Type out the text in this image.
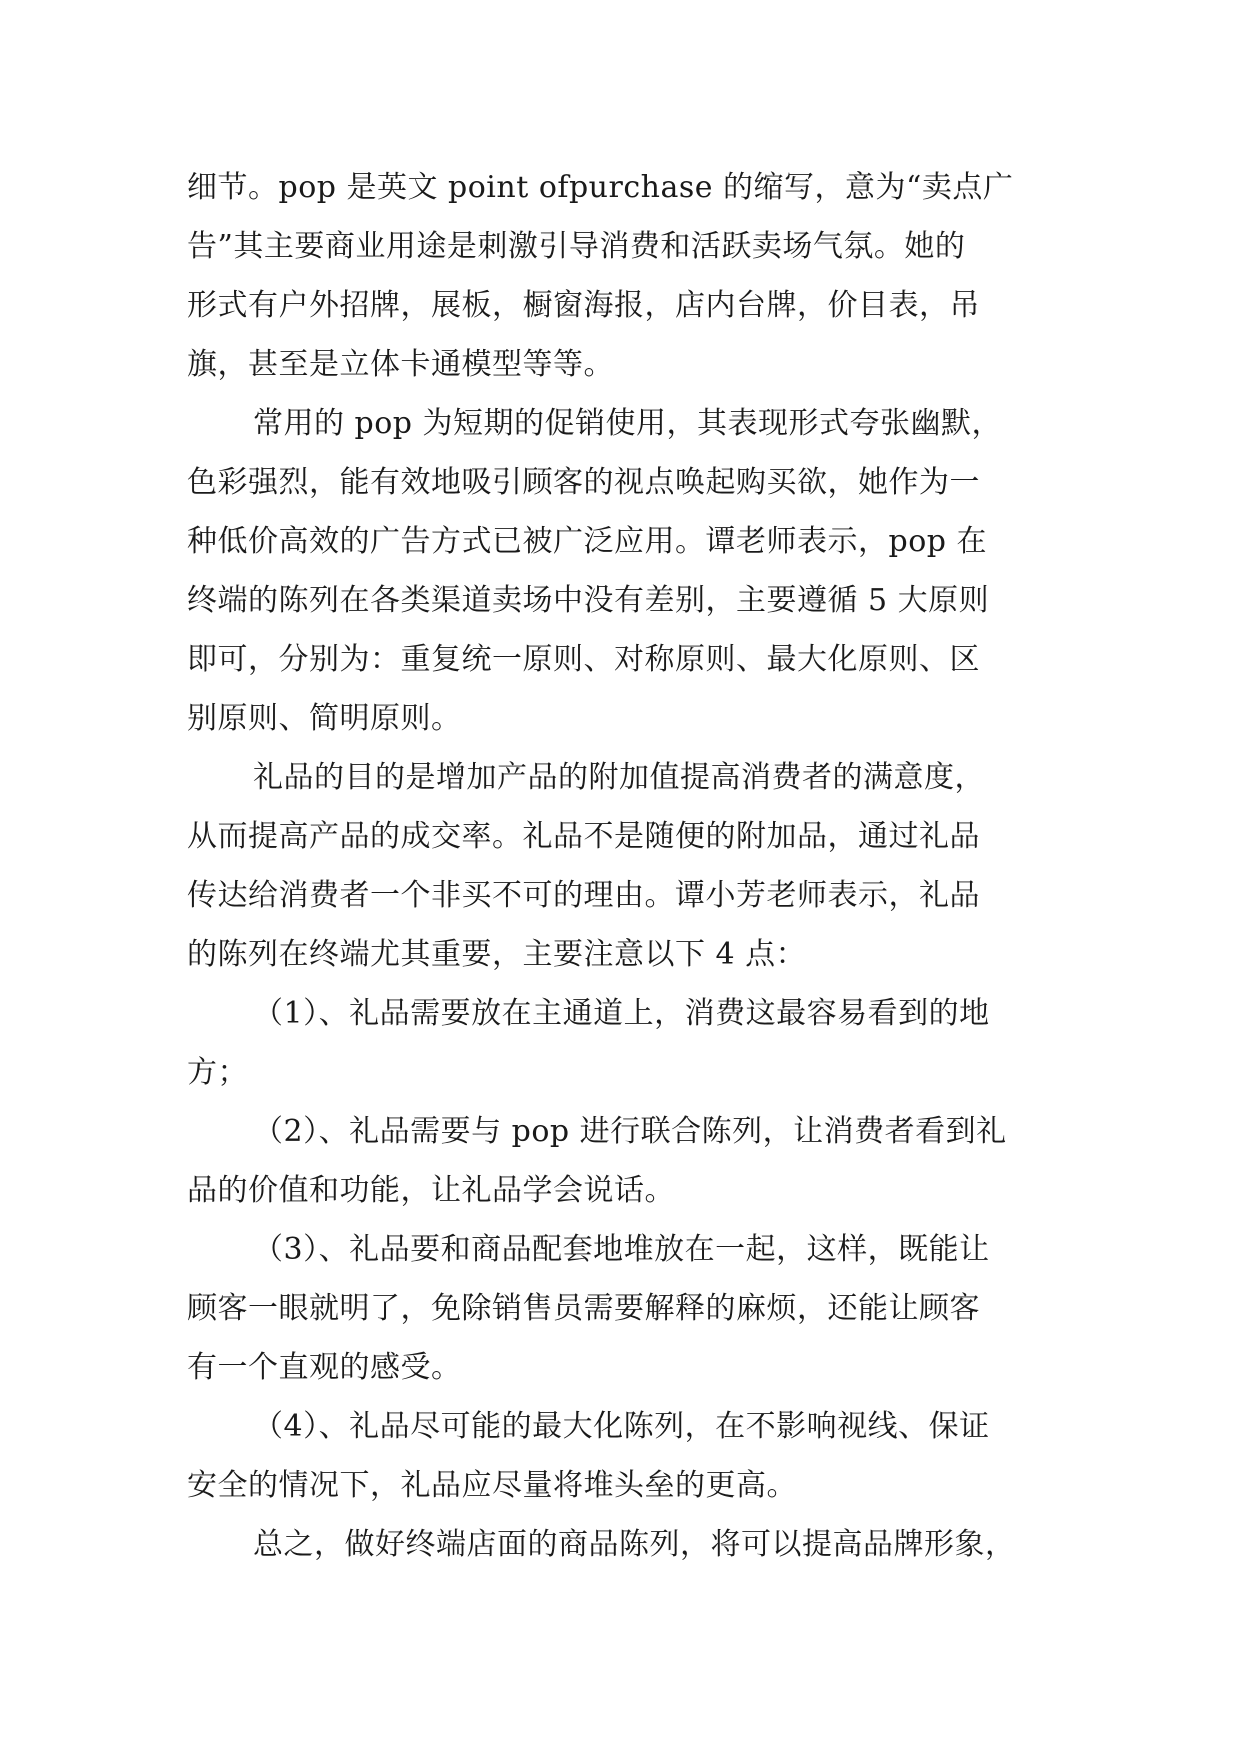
细节。pop 是英文 point ofpurchase 的缩写，意为“卖点广
告”其主要商业用途是刺激引导消费和活跃卖场气氛。她的
形式有户外招牌，展板，橱窗海报，店内台牌，价目表，吊
旗，甚至是立体卡通模型等等。
常用的 pop 为短期的促销使用，其表现形式夸张幽默，
色彩强烈，能有效地吸引顾客的视点唤起购买欲，她作为一
种低价高效的广告方式已被广泛应用。谭老师表示，pop 在
终端的陈列在各类渠道卖场中没有差别，主要遵循 5 大原则
即可，分别为：重复统一原则、对称原则、最大化原则、区
别原则、简明原则。
礼品的目的是增加产品的附加值提高消费者的满意度，
从而提高产品的成交率。礼品不是随便的附加品，通过礼品
传达给消费者一个非买不可的理由。谭小芳老师表示，礼品
的陈列在终端尤其重要，主要注意以下 4 点：
（1）、礼品需要放在主通道上，消费这最容易看到的地
方；
（2）、礼品需要与 pop 进行联合陈列，让消费者看到礼
品的价值和功能，让礼品学会说话。
（3）、礼品要和商品配套地堆放在一起，这样，既能让
顾客一眼就明了，免除销售员需要解释的麻烦，还能让顾客
有一个直观的感受。
（4）、礼品尽可能的最大化陈列，在不影响视线、保证
安全的情况下，礼品应尽量将堆头垒的更高。
总之，做好终端店面的商品陈列，将可以提高品牌形象，
